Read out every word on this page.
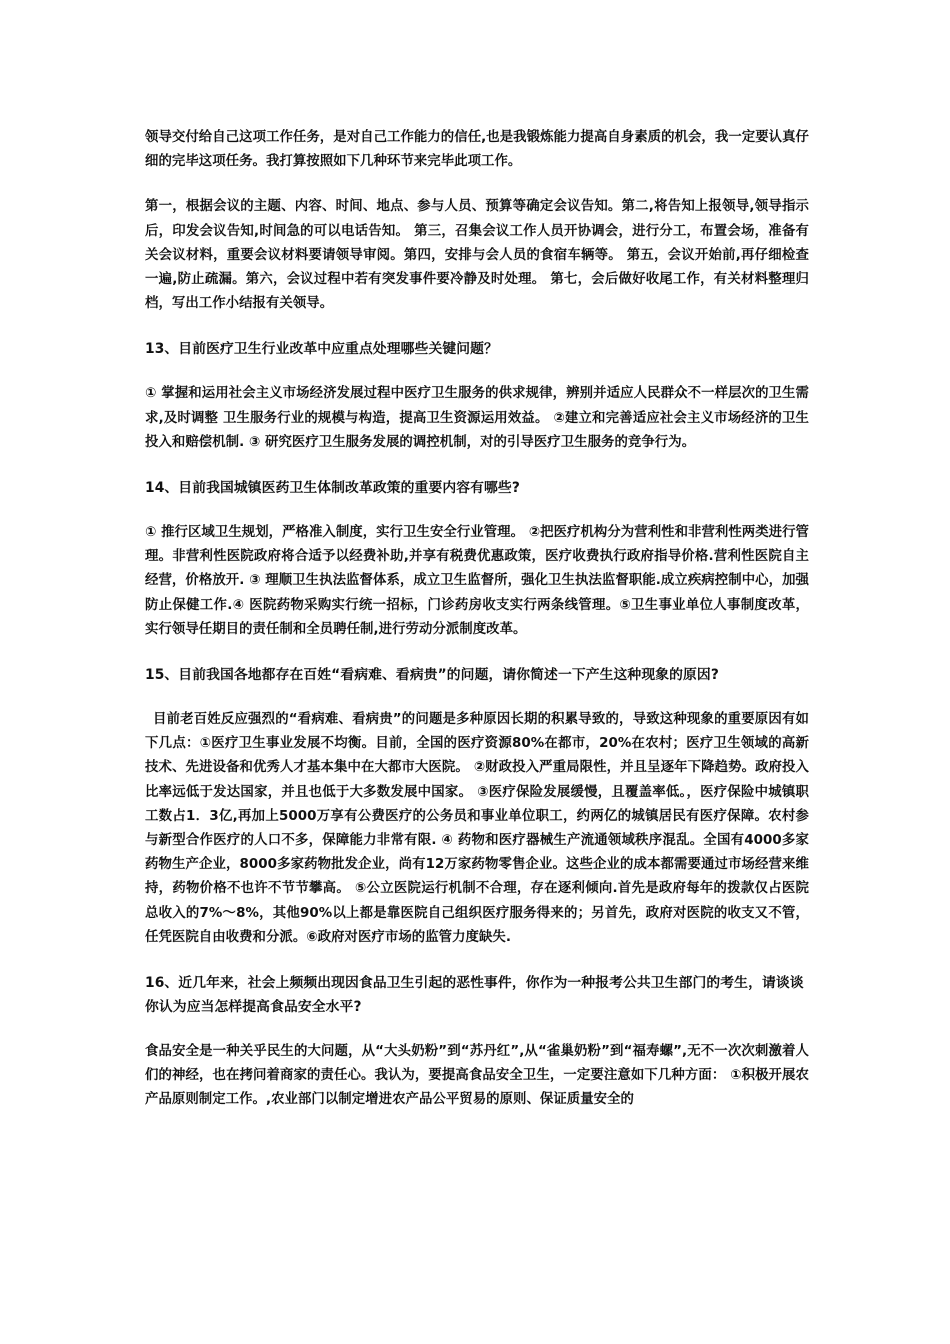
领导交付给自己这项工作任务，是对自己工作能力的信任,也是我锻炼能力提高自身素质的机会，我一定要认真仔细的完毕这项任务。我打算按照如下几种环节来完毕此项工作。

第一，根据会议的主题、内容、时间、地点、参与人员、预算等确定会议告知。第二,将告知上报领导,领导指示后，印发会议告知,时间急的可以电话告知。 第三，召集会议工作人员开协调会，进行分工，布置会场，准备有关会议材料，重要会议材料要请领导审阅。第四，安排与会人员的食宿车辆等。 第五，会议开始前,再仔细检查一遍,防止疏漏。第六，会议过程中若有突发事件要冷静及时处理。 第七，会后做好收尾工作，有关材料整理归档，写出工作小结报有关领导。

13、目前医疗卫生行业改革中应重点处理哪些关键问题？

① 掌握和运用社会主义市场经济发展过程中医疗卫生服务的供求规律，辨别并适应人民群众不一样层次的卫生需求,及时调整 卫生服务行业的规模与构造，提高卫生资源运用效益。 ②建立和完善适应社会主义市场经济的卫生投入和赔偿机制. ③ 研究医疗卫生服务发展的调控机制，对的引导医疗卫生服务的竞争行为。

14、目前我国城镇医药卫生体制改革政策的重要内容有哪些?

① 推行区域卫生规划，严格准入制度，实行卫生安全行业管理。 ②把医疗机构分为营利性和非营利性两类进行管理。非营利性医院政府将合适予以经费补助,并享有税费优惠政策，医疗收费执行政府指导价格.营利性医院自主经营，价格放开. ③ 理顺卫生执法监督体系，成立卫生监督所，强化卫生执法监督职能.成立疾病控制中心，加强防止保健工作.④ 医院药物采购实行统一招标，门诊药房收支实行两条线管理。⑤卫生事业单位人事制度改革，实行领导任期目的责任制和全员聘任制,进行劳动分派制度改革。

15、目前我国各地都存在百姓“看病难、看病贵”的问题，请你简述一下产生这种现象的原因?

目前老百姓反应强烈的“看病难、看病贵”的问题是多种原因长期的积累导致的，导致这种现象的重要原因有如下几点：①医疗卫生事业发展不均衡。目前，全国的医疗资源80%在都市，20%在农村；医疗卫生领域的高新技术、先进设备和优秀人才基本集中在大都市大医院。 ②财政投入严重局限性，并且呈逐年下降趋势。政府投入比率远低于发达国家，并且也低于大多数发展中国家。 ③医疗保险发展缓慢，且覆盖率低。，医疗保险中城镇职工数占1．3亿,再加上5000万享有公费医疗的公务员和事业单位职工，约两亿的城镇居民有医疗保障。农村参与新型合作医疗的人口不多，保障能力非常有限. ④ 药物和医疗器械生产流通领域秩序混乱。全国有4000多家药物生产企业，8000多家药物批发企业，尚有12万家药物零售企业。这些企业的成本都需要通过市场经营来维持，药物价格不也许不节节攀高。 ⑤公立医院运行机制不合理，存在逐利倾向.首先是政府每年的拨款仅占医院总收入的7%～8%，其他90%以上都是靠医院自己组织医疗服务得来的；另首先，政府对医院的收支又不管，任凭医院自由收费和分派。⑥政府对医疗市场的监管力度缺失.

16、近几年来，社会上频频出现因食品卫生引起的恶性事件，你作为一种报考公共卫生部门的考生，请谈谈你认为应当怎样提高食品安全水平?

食品安全是一种关乎民生的大问题，从“大头奶粉”到“苏丹红”,从“雀巢奶粉”到“福寿螺”,无不一次次刺激着人们的神经，也在拷问着商家的责任心。我认为，要提高食品安全卫生，一定要注意如下几种方面： ①积极开展农产品原则制定工作。,农业部门以制定增进农产品公平贸易的原则、保证质量安全的
